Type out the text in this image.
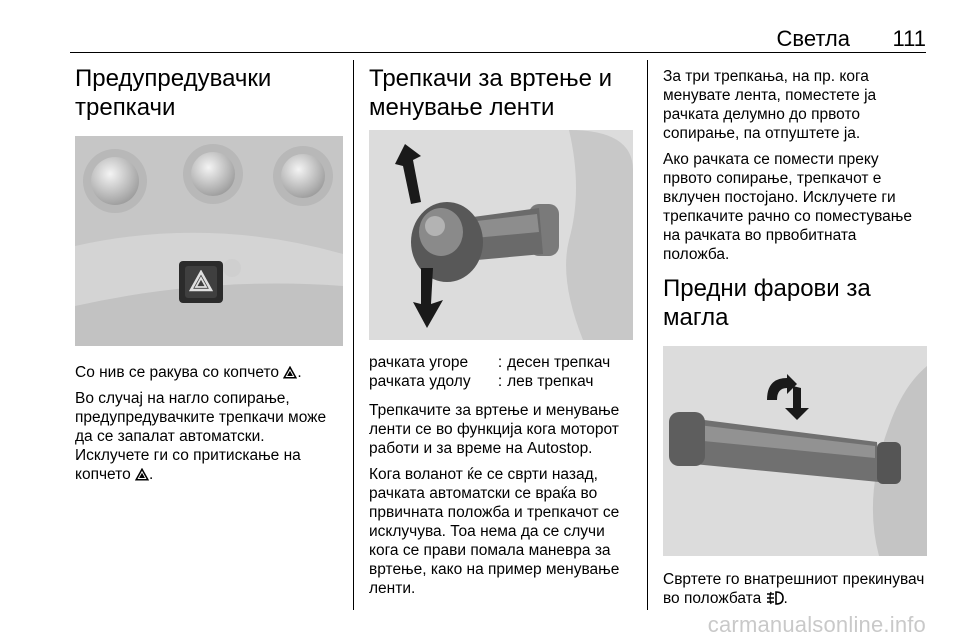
Светла 111
Предупредувачки трепкачи

Со нив се ракува со копчето .

Во случај на нагло сопирање, предупредувачките трепкачи може да се запалат автоматски. Исклучете ги со притискање на копчето .

Трепкачи за вртење и менување ленти
рачката угоре	:	десен трепкач
рачката удолу	:	лев трепкач

Трепкачите за вртење и менување ленти се во функција кога моторот работи и за време на Autostop.

Кога воланот ќе се сврти назад, рачката автоматски се враќа во првичната положба и трепкачот се исклучува. Тоа нема да се случи кога се прави помала маневра за вртење, како на пример менување ленти.

За три трепкања, на пр. кога менувате лента, поместете ја рачката делумно до првото сопирање, па отпуштете ја.

Ако рачката се помести преку првото сопирање, трепкачот е вклучен постојано. Исклучете ги трепкачите рачно со поместување на рачката во првобитната положба.

Предни фарови за магла

Свртете го внатрешниот прекинувач во положбата .

carmanualsonline.info
